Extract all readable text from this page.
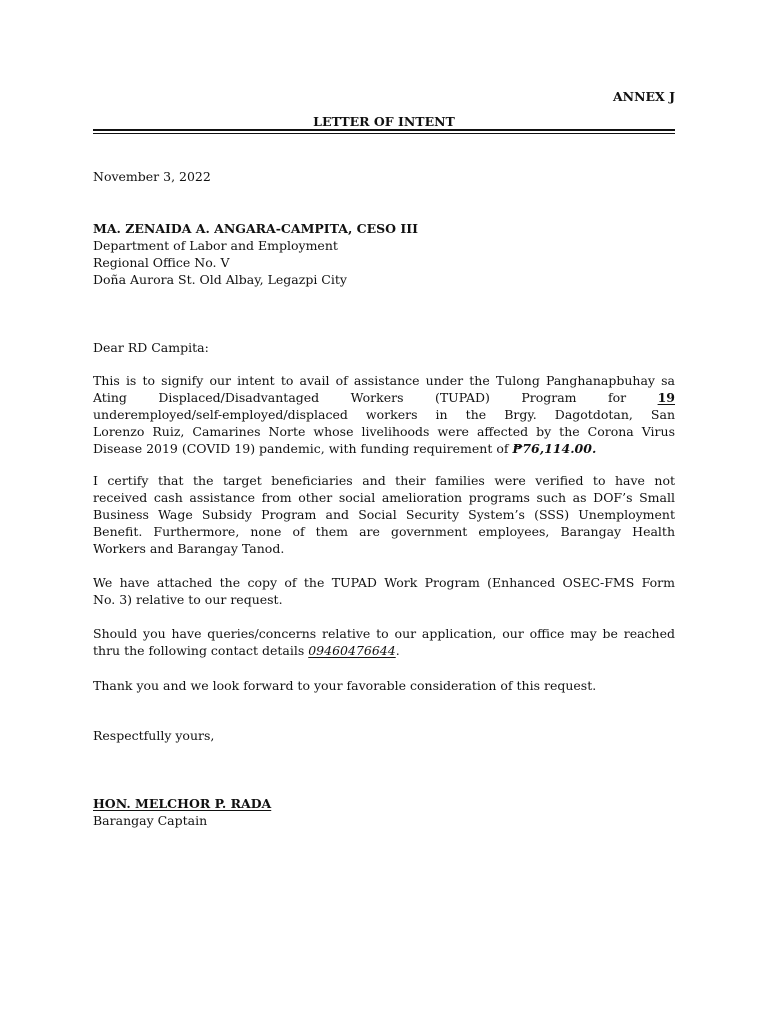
ANNEX J
LETTER OF INTENT
November 3, 2022
MA. ZENAIDA A. ANGARA-CAMPITA, CESO III
Department of Labor and Employment
Regional Office No. V
Doña Aurora St. Old Albay, Legazpi City
Dear RD Campita:
This is to signify our intent to avail of assistance under the Tulong Panghanapbuhay sa
Ating Displaced/Disadvantaged Workers (TUPAD) Program for	19
underemployed/self-employed/displaced workers in the Brgy. Dagotdotan, San
Lorenzo Ruiz, Camarines Norte whose livelihoods were affected by the Corona Virus
Disease 2019 (COVID 19) pandemic, with funding requirement of ₱76,114.00.
I certify that the target beneficiaries and their families were verified to have not
received cash assistance from other social amelioration programs such as DOF’s Small
Business Wage Subsidy Program and Social Security System’s (SSS) Unemployment
Benefit. Furthermore, none of them are government employees, Barangay Health
Workers and Barangay Tanod.
We have attached the copy of the TUPAD Work Program (Enhanced OSEC-FMS Form
No. 3) relative to our request.
Should you have queries/concerns relative to our application, our office may be reached
thru the following contact details 09460476644.
Thank you and we look forward to your favorable consideration of this request.
Respectfully yours,
HON. MELCHOR P. RADA
Barangay Captain
